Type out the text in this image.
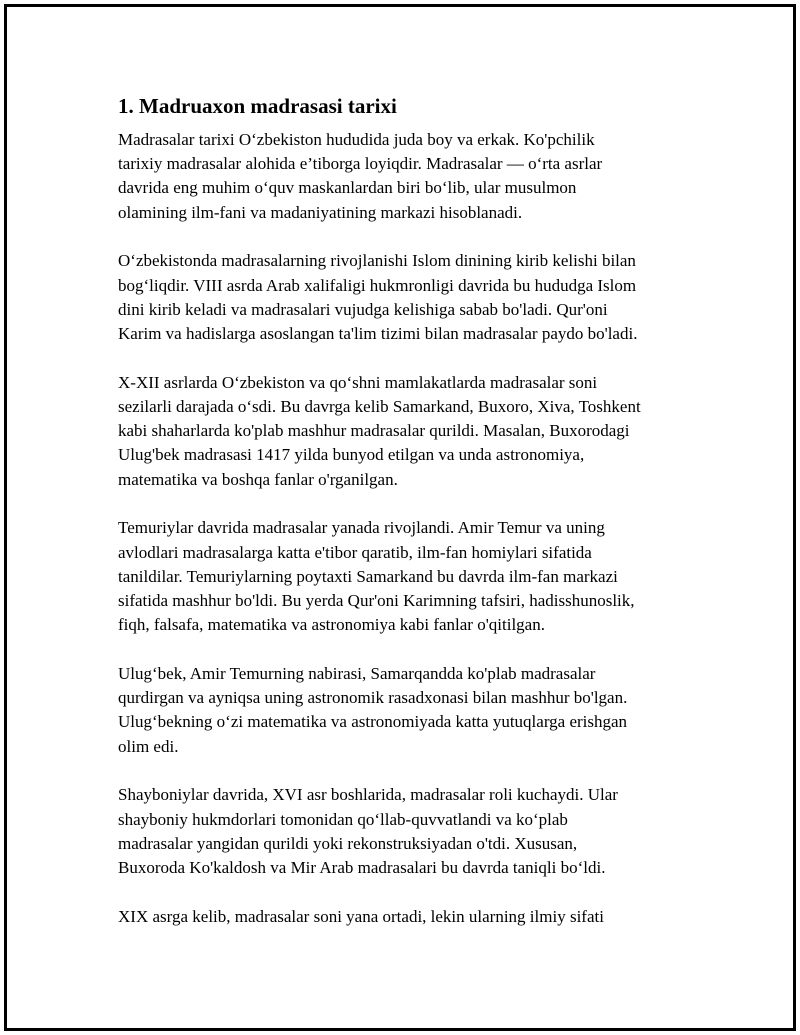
1. Madruaxon madrasasi tarixi

Madrasalar tarixi O‘zbekiston hududida juda boy va erkak. Ko'pchilik
tarixiy madrasalar alohida e’tiborga loyiqdir. Madrasalar — o‘rta asrlar
davrida eng muhim o‘quv maskanlardan biri bo‘lib, ular musulmon
olamining ilm-fani va madaniyatining markazi hisoblanadi.

O‘zbekistonda madrasalarning rivojlanishi Islom dinining kirib kelishi bilan
bog‘liqdir. VIII asrda Arab xalifaligi hukmronligi davrida bu hududga Islom
dini kirib keladi va madrasalari vujudga kelishiga sabab bo'ladi. Qur'oni
Karim va hadislarga asoslangan ta'lim tizimi bilan madrasalar paydo bo'ladi.

X-XII asrlarda O‘zbekiston va qo‘shni mamlakatlarda madrasalar soni
sezilarli darajada o‘sdi. Bu davrga kelib Samarkand, Buxoro, Xiva, Toshkent
kabi shaharlarda ko'plab mashhur madrasalar qurildi. Masalan, Buxorodagi
Ulug'bek madrasasi 1417 yilda bunyod etilgan va unda astronomiya,
matematika va boshqa fanlar o'rganilgan.

Temuriylar davrida madrasalar yanada rivojlandi. Amir Temur va uning
avlodlari madrasalarga katta e'tibor qaratib, ilm-fan homiylari sifatida
tanildilar. Temuriylarning poytaxti Samarkand bu davrda ilm-fan markazi
sifatida mashhur bo'ldi. Bu yerda Qur'oni Karimning tafsiri, hadisshunoslik,
fiqh, falsafa, matematika va astronomiya kabi fanlar o'qitilgan.

Ulug‘bek, Amir Temurning nabirasi, Samarqandda ko'plab madrasalar
qurdirgan va ayniqsa uning astronomik rasadxonasi bilan mashhur bo'lgan.
Ulug‘bekning o‘zi matematika va astronomiyada katta yutuqlarga erishgan
olim edi.

Shayboniylar davrida, XVI asr boshlarida, madrasalar roli kuchaydi. Ular
shayboniy hukmdorlari tomonidan qo‘llab-quvvatlandi va ko‘plab
madrasalar yangidan qurildi yoki rekonstruksiyadan o'tdi. Xususan,
Buxoroda Ko'kaldosh va Mir Arab madrasalari bu davrda taniqli bo‘ldi.

XIX asrga kelib, madrasalar soni yana ortadi, lekin ularning ilmiy sifati
